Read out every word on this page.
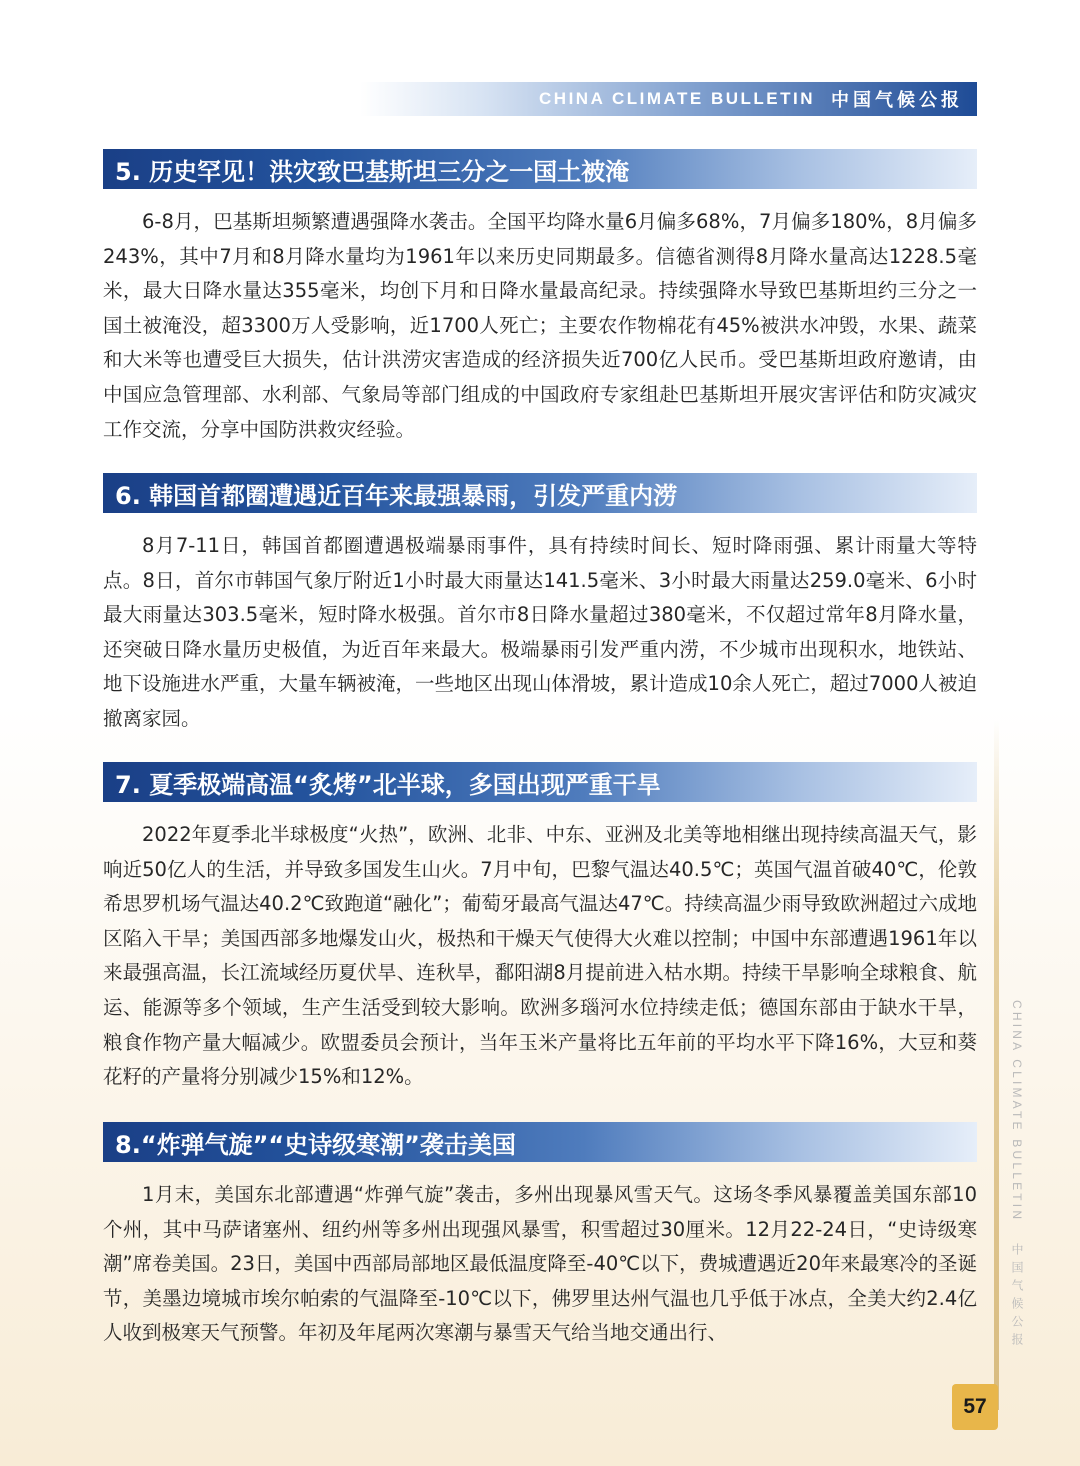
CHINA CLIMATE BULLETIN 中国气候公报
5. 历史罕见！洪灾致巴基斯坦三分之一国土被淹

6-8月，巴基斯坦频繁遭遇强降水袭击。全国平均降水量6月偏多68%，7月偏多180%，8月偏多243%，其中7月和8月降水量均为1961年以来历史同期最多。信德省测得8月降水量高达1228.5毫米，最大日降水量达355毫米，均创下月和日降水量最高纪录。持续强降水导致巴基斯坦约三分之一国土被淹没，超3300万人受影响，近1700人死亡；主要农作物棉花有45%被洪水冲毁，水果、蔬菜和大米等也遭受巨大损失，估计洪涝灾害造成的经济损失近700亿人民币。受巴基斯坦政府邀请，由中国应急管理部、水利部、气象局等部门组成的中国政府专家组赴巴基斯坦开展灾害评估和防灾减灾工作交流，分享中国防洪救灾经验。

6. 韩国首都圈遭遇近百年来最强暴雨，引发严重内涝

8月7-11日，韩国首都圈遭遇极端暴雨事件，具有持续时间长、短时降雨强、累计雨量大等特点。8日，首尔市韩国气象厅附近1小时最大雨量达141.5毫米、3小时最大雨量达259.0毫米、6小时最大雨量达303.5毫米，短时降水极强。首尔市8日降水量超过380毫米，不仅超过常年8月降水量，还突破日降水量历史极值，为近百年来最大。极端暴雨引发严重内涝，不少城市出现积水，地铁站、地下设施进水严重，大量车辆被淹，一些地区出现山体滑坡，累计造成10余人死亡，超过7000人被迫撤离家园。

7. 夏季极端高温“炙烤”北半球，多国出现严重干旱

2022年夏季北半球极度“火热”，欧洲、北非、中东、亚洲及北美等地相继出现持续高温天气，影响近50亿人的生活，并导致多国发生山火。7月中旬，巴黎气温达40.5℃；英国气温首破40℃，伦敦希思罗机场气温达40.2℃致跑道“融化”；葡萄牙最高气温达47℃。持续高温少雨导致欧洲超过六成地区陷入干旱；美国西部多地爆发山火，极热和干燥天气使得大火难以控制；中国中东部遭遇1961年以来最强高温，长江流域经历夏伏旱、连秋旱，鄱阳湖8月提前进入枯水期。持续干旱影响全球粮食、航运、能源等多个领域，生产生活受到较大影响。欧洲多瑙河水位持续走低；德国东部由于缺水干旱，粮食作物产量大幅减少。欧盟委员会预计，当年玉米产量将比五年前的平均水平下降16%，大豆和葵花籽的产量将分别减少15%和12%。

8.“炸弹气旋”“史诗级寒潮”袭击美国

1月末，美国东北部遭遇“炸弹气旋”袭击，多州出现暴风雪天气。这场冬季风暴覆盖美国东部10个州，其中马萨诸塞州、纽约州等多州出现强风暴雪，积雪超过30厘米。12月22-24日，“史诗级寒潮”席卷美国。23日，美国中西部局部地区最低温度降至-40℃以下，费城遭遇近20年来最寒冷的圣诞节，美墨边境城市埃尔帕索的气温降至-10℃以下，佛罗里达州气温也几乎低于冰点，全美大约2.4亿人收到极寒天气预警。年初及年尾两次寒潮与暴雪天气给当地交通出行、

CHINA CLIMATE BULLETIN 中国气候公报
57
